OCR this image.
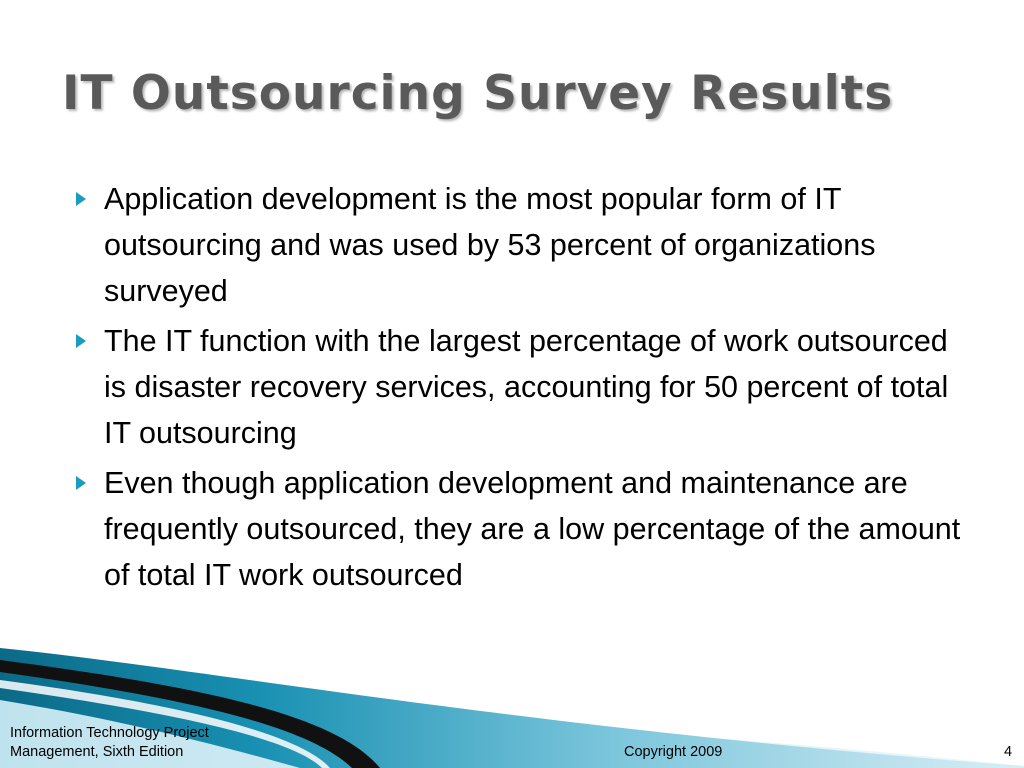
IT Outsourcing Survey Results
Application development is the most popular form of IT outsourcing and was used by 53 percent of organizations surveyed
The IT function with the largest percentage of work outsourced is disaster recovery services, accounting for 50 percent of total IT outsourcing
Even though application development and maintenance are frequently outsourced, they are a low percentage of the amount of total IT work outsourced
Information Technology Project
Management, Sixth Edition	Copyright 2009	4
